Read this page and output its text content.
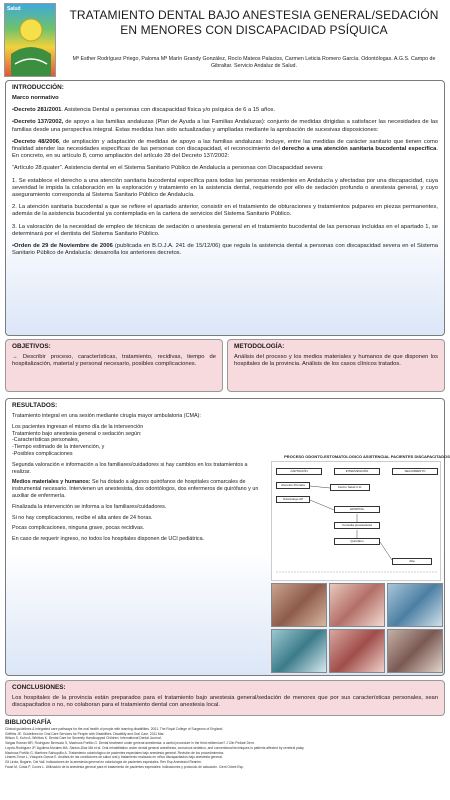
Salud	TRATAMIENTO DENTAL BAJO ANESTESIA GENERAL/SEDACIÓN EN MENORES CON DISCAPACIDAD PSÍQUICA
Mª Esther Rodríguez Priego, Paloma Mª Marín Grandy González, Rocío Mateos Palacios, Carmen Leticia Romero García. Odontólogas. A.G.S. Campo de Gibraltar. Servicio Andaluz de Salud.
INTRODUCCIÓN:

Marco normativo

•Decreto 281/2001. Asistencia Dental a personas con discapacidad física y/o psíquica de 6 a 15 años.

•Decreto 137/2002, de apoyo a las familias andaluzas (Plan de Ayuda a las Familias Andaluzas): conjunto de medidas dirigidas a satisfacer las necesidades de las familias desde una perspectiva integral. Estas medidas han sido actualizadas y ampliadas mediante la aprobación de sucesivas disposiciones:

•Decreto 48/2006, de ampliación y adaptación de medidas de apoyo a las familias andaluzas: Incluye, entre las medidas de carácter sanitario que tienen como finalidad atender las necesidades específicas de las personas con discapacidad, el reconocimiento del derecho a una atención sanitaria bucodental específica. En concreto, en su artículo 8, como ampliación del artículo 28 del Decreto 137/2002:

“Artículo 28.quater”. Asistencia dental en el Sistema Sanitario Público de Andalucía a personas con Discapacidad severa:

1. Se establece el derecho a una atención sanitaria bucodental específica para todas las personas residentes en Andalucía y afectadas por una discapacidad, cuya severidad le impida la colaboración en la exploración y tratamiento en la asistencia dental, requiriendo por ello de sedación profunda o anestesia general, y cuyo aseguramiento corresponda al Sistema Sanitario Público de Andalucía.

2. La atención sanitaria bucodental a que se refiere el apartado anterior, consistir en el tratamiento de obturaciones y tratamientos pulpares en piezas permanentes, además de la asistencia bucodental ya contemplada en la cartera de servicios del Sistema Sanitario Público.

3. La valoración de la necesidad de empleo de técnicas de sedación o anestesia general en el tratamiento bucodental de las personas incluidas en el apartado 1, se determinará por el dentista del Sistema Sanitario Público.

•Orden de 29 de Noviembre de 2006 (publicada en B.O.J.A. 241 de 15/12/06) que regula la asistencia dental a personas con discapacidad severa en el Sistema Sanitario Público de Andalucía: desarrolla los anteriores decretos.

OBJETIVOS:
→ Describir proceso, características, tratamiento, recidivas, tiempo de hospitalización, material y personal necesario, posibles complicaciones.
METODOLOGÍA:
Análisis del proceso y los medios materiales y humanos de que disponen los hospitales de la provincia. Análisis de los casos clínicos tratados.
RESULTADOS:

Tratamiento integral en una sesión mediante cirugía mayor ambulatoria (CMA):

Los pacientes ingresan el mismo día de la intervención
Tratamiento bajo anestesia general o sedación según:
-Características personales,
-Tiempo estimado de la intervención, y

-Posibles complicaciones

Segunda valoración e información a los familiares/cuidadores si hay cambios en los tratamientos a realizar.

Medios materiales y humanos: Se ha dotado a algunos quirófanos de hospitales comarcales de instrumental necesario. Intervienen un anestesista, dos odontólogos, dos enfermeros de quirófano y un auxiliar de enfermería.

Finalizada la intervención se informa a los familiares/cuidadores.

Si no hay complicaciones, recibe el alta antes de 24 horas.

Pocas complicaciones, ninguna grave, pocas recidivas.

En caso de requerir ingreso, no todos los hospitales disponen de UCI pediátrica.

PROCESO ODONTO-ESTOMATOLOGICO ASISTENCIAL PACIENTES DISCAPACITADOS
CAPTACIÓN	INTERVENCIÓN	SEGUIMIENTO
Atención Primaria
Odontólogo AP
Centro Salud U.D.
HOSPITAL
Consulta preanestesia
Quirófano
Alta
CONCLUSIONES:
Los hospitales de la provincia están preparados para el tratamiento bajo anestesia general/sedación de menores que por sus características personales, sean discapacitados o no, no colaboran para el tratamiento dental con anestesia local.
BIBLIOGRAFÍA
Clinical guidelines & integrated care pathways for the oral health of people with learning disabilities. 2001. The Royal College of Surgeons of England.
Griffiths JE. Guidelines for Oral Care Services for People with Disabilities. Disability and Oral Care. 2011 Mar.
Wilson S, Kuhn A, Whitlow K. Dental Care for Severely Handicapped Children. International Dental Journal.
Vargas Roman MR, Rodríguez Bermudo S, Machuca Portillo G. Dental treatment under general anesthesia: a useful procedure in the third millennium? J Clin Pediatr Dent.
Loyola-Rodriguez JP, Aguilera-Morales MA, Santos-Diaz MA et al. Oral rehabilitation under dental general anesthesia, conscious sedation, and conventional techniques in patients affected by cerebral palsy.
Machuca Portillo G, Martínez Sahuquillo A. Tratamiento odontológico de pacientes especiales bajo anestesia general. Revisión de los procedimientos.
Linares-Tovar L, Vázquez-García E. Análisis de las condiciones de salud oral y tratamiento realizado en niños discapacitados bajo anestesia general.
Gil Lirola, Bogarín, Del Vall. Indicaciones de la anestesia general en odontología de pacientes especiales. Rev Esp Anestesiol Reanim.
Faust M, Costa P, Coves L. Utilización de la anestesia general para el tratamiento de pacientes especiales: indicaciones y protocolo de actuación. Cient Odont Esp.
